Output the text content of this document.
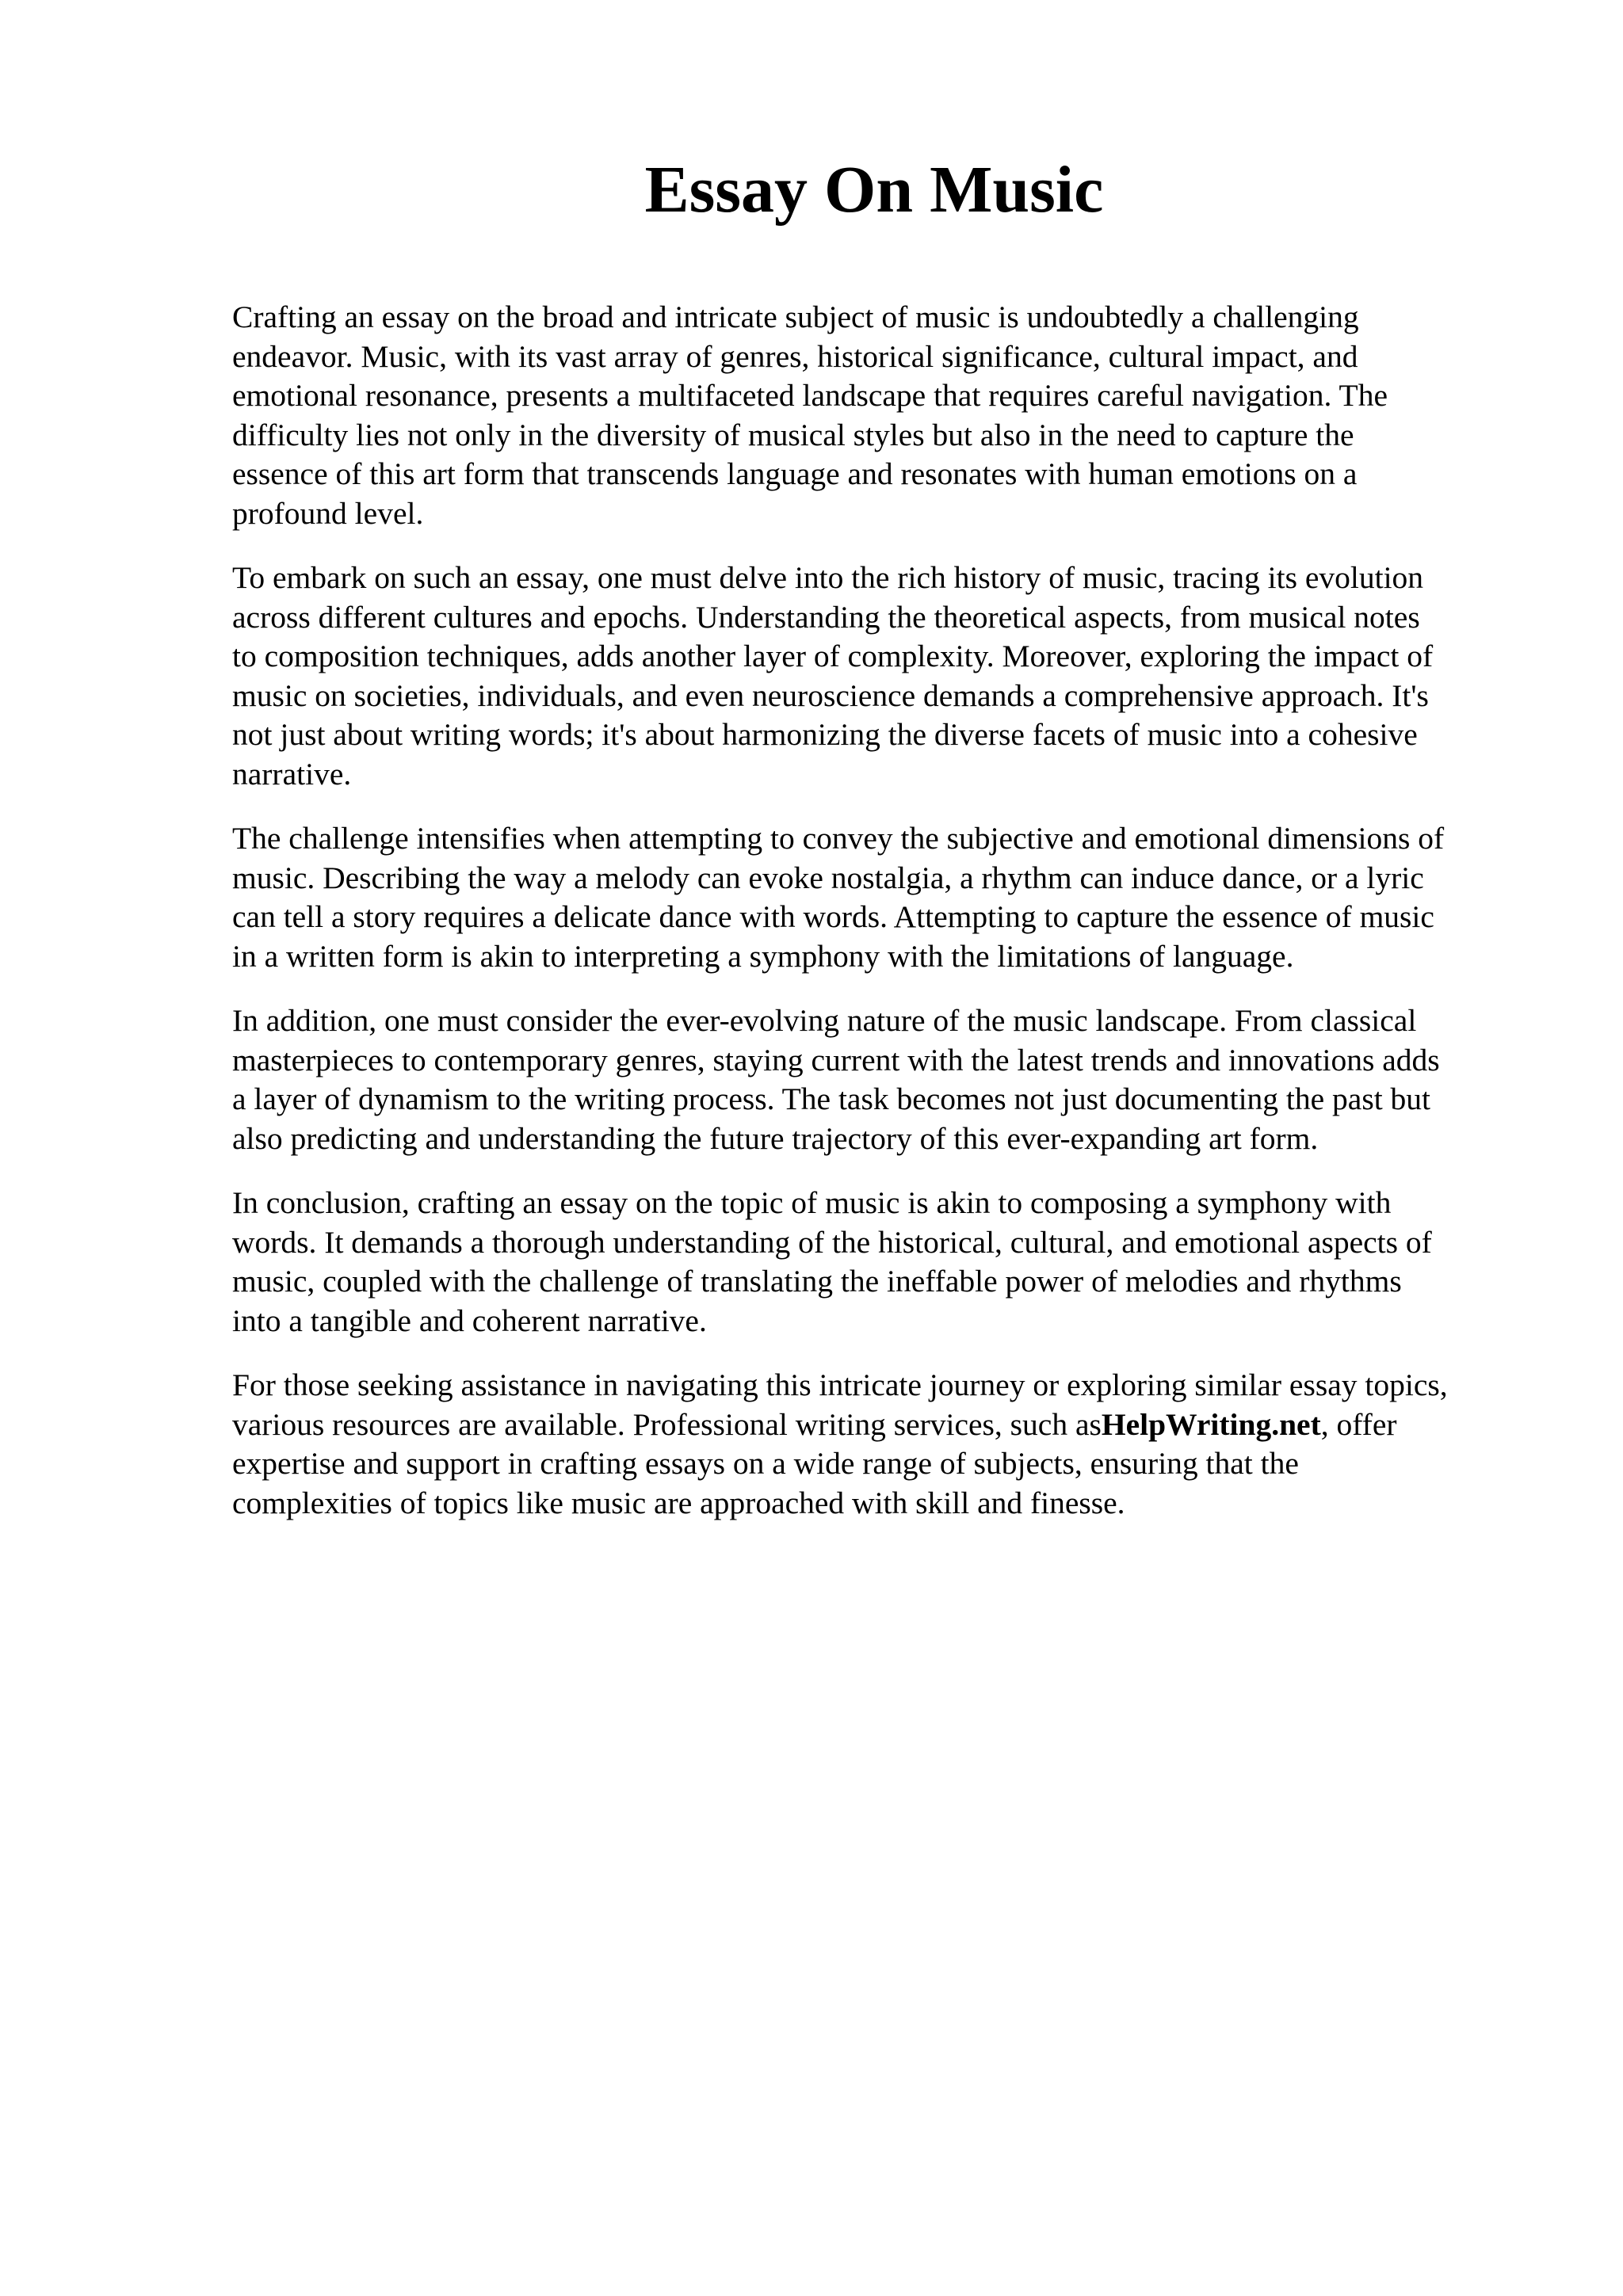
Essay On Music

Crafting an essay on the broad and intricate subject of music is undoubtedly a challenging
endeavor. Music, with its vast array of genres, historical significance, cultural impact, and
emotional resonance, presents a multifaceted landscape that requires careful navigation. The
difficulty lies not only in the diversity of musical styles but also in the need to capture the
essence of this art form that transcends language and resonates with human emotions on a
profound level.

To embark on such an essay, one must delve into the rich history of music, tracing its evolution
across different cultures and epochs. Understanding the theoretical aspects, from musical notes
to composition techniques, adds another layer of complexity. Moreover, exploring the impact of
music on societies, individuals, and even neuroscience demands a comprehensive approach. It's
not just about writing words; it's about harmonizing the diverse facets of music into a cohesive
narrative.

The challenge intensifies when attempting to convey the subjective and emotional dimensions of
music. Describing the way a melody can evoke nostalgia, a rhythm can induce dance, or a lyric
can tell a story requires a delicate dance with words. Attempting to capture the essence of music
in a written form is akin to interpreting a symphony with the limitations of language.

In addition, one must consider the ever-evolving nature of the music landscape. From classical
masterpieces to contemporary genres, staying current with the latest trends and innovations adds
a layer of dynamism to the writing process. The task becomes not just documenting the past but
also predicting and understanding the future trajectory of this ever-expanding art form.

In conclusion, crafting an essay on the topic of music is akin to composing a symphony with
words. It demands a thorough understanding of the historical, cultural, and emotional aspects of
music, coupled with the challenge of translating the ineffable power of melodies and rhythms
into a tangible and coherent narrative.

For those seeking assistance in navigating this intricate journey or exploring similar essay topics,
various resources are available. Professional writing services, such asHelpWriting.net, offer
expertise and support in crafting essays on a wide range of subjects, ensuring that the
complexities of topics like music are approached with skill and finesse.
